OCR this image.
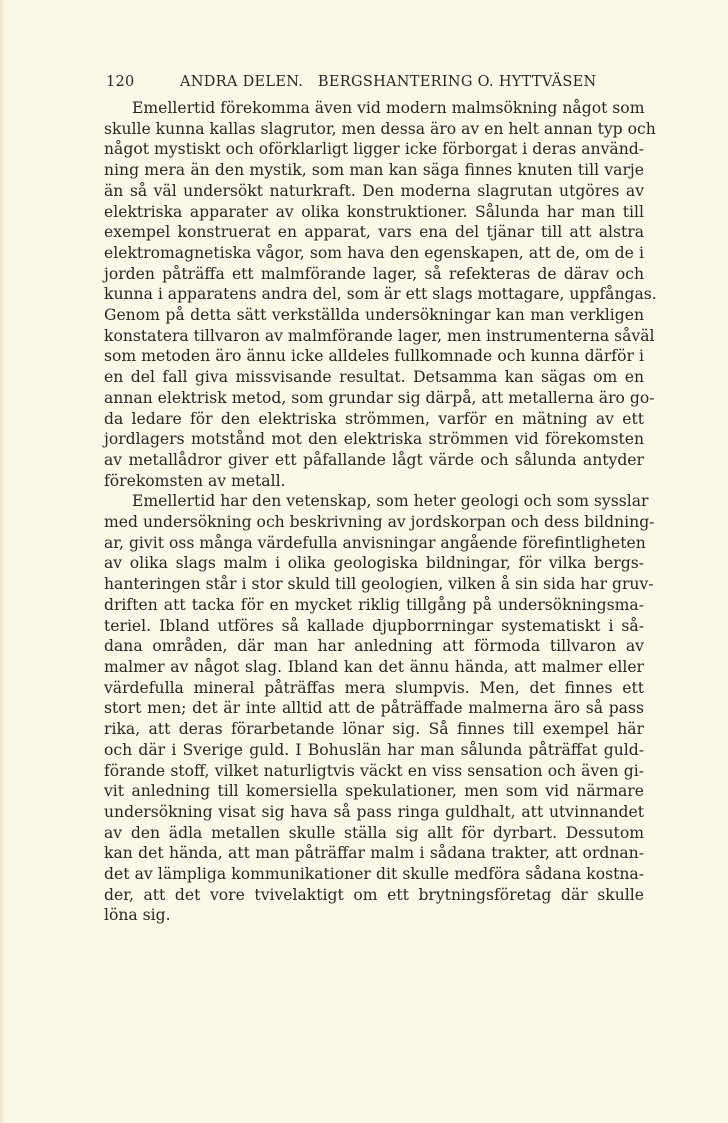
120	ANDRA DELEN.   BERGSHANTERING O. HYTTVÄSEN
Emellertid förekomma även vid modern malmsökning något som
skulle kunna kallas slagrutor, men dessa äro av en helt annan typ och
något mystiskt och oförklarligt ligger icke förborgat i deras använd-
ning mera än den mystik, som man kan säga finnes knuten till varje
än så väl undersökt naturkraft. Den moderna slagrutan utgöres av
elektriska apparater av olika konstruktioner. Sålunda har man till
exempel konstruerat en apparat, vars ena del tjänar till att alstra
elektromagnetiska vågor, som hava den egenskapen, att de, om de i
jorden påträffa ett malmförande lager, så refekteras de därav och
kunna i apparatens andra del, som är ett slags mottagare, uppfångas.
Genom på detta sätt verkställda undersökningar kan man verkligen
konstatera tillvaron av malmförande lager, men instrumenterna såväl
som metoden äro ännu icke alldeles fullkomnade och kunna därför i
en del fall giva missvisande resultat. Detsamma kan sägas om en
annan elektrisk metod, som grundar sig därpå, att metallerna äro go-
da ledare för den elektriska strömmen, varför en mätning av ett
jordlagers motstånd mot den elektriska strömmen vid förekomsten
av metallådror giver ett påfallande lågt värde och sålunda antyder
förekomsten av metall.
Emellertid har den vetenskap, som heter geologi och som sysslar
med undersökning och beskrivning av jordskorpan och dess bildning-
ar, givit oss många värdefulla anvisningar angående förefintligheten
av olika slags malm i olika geologiska bildningar, för vilka bergs-
hanteringen står i stor skuld till geologien, vilken å sin sida har gruv-
driften att tacka för en mycket riklig tillgång på undersökningsma-
teriel. Ibland utföres så kallade djupborrningar systematiskt i så-
dana områden, där man har anledning att förmoda tillvaron av
malmer av något slag. Ibland kan det ännu hända, att malmer eller
värdefulla mineral påträffas mera slumpvis. Men, det finnes ett
stort men; det är inte alltid att de påträffade malmerna äro så pass
rika, att deras förarbetande lönar sig. Så finnes till exempel här
och där i Sverige guld. I Bohuslän har man sålunda påträffat guld-
förande stoff, vilket naturligtvis väckt en viss sensation och även gi-
vit anledning till komersiella spekulationer, men som vid närmare
undersökning visat sig hava så pass ringa guldhalt, att utvinnandet
av den ädla metallen skulle ställa sig allt för dyrbart. Dessutom
kan det hända, att man påträffar malm i sådana trakter, att ordnan-
det av lämpliga kommunikationer dit skulle medföra sådana kostna-
der, att det vore tvivelaktigt om ett brytningsföretag där skulle
löna sig.
